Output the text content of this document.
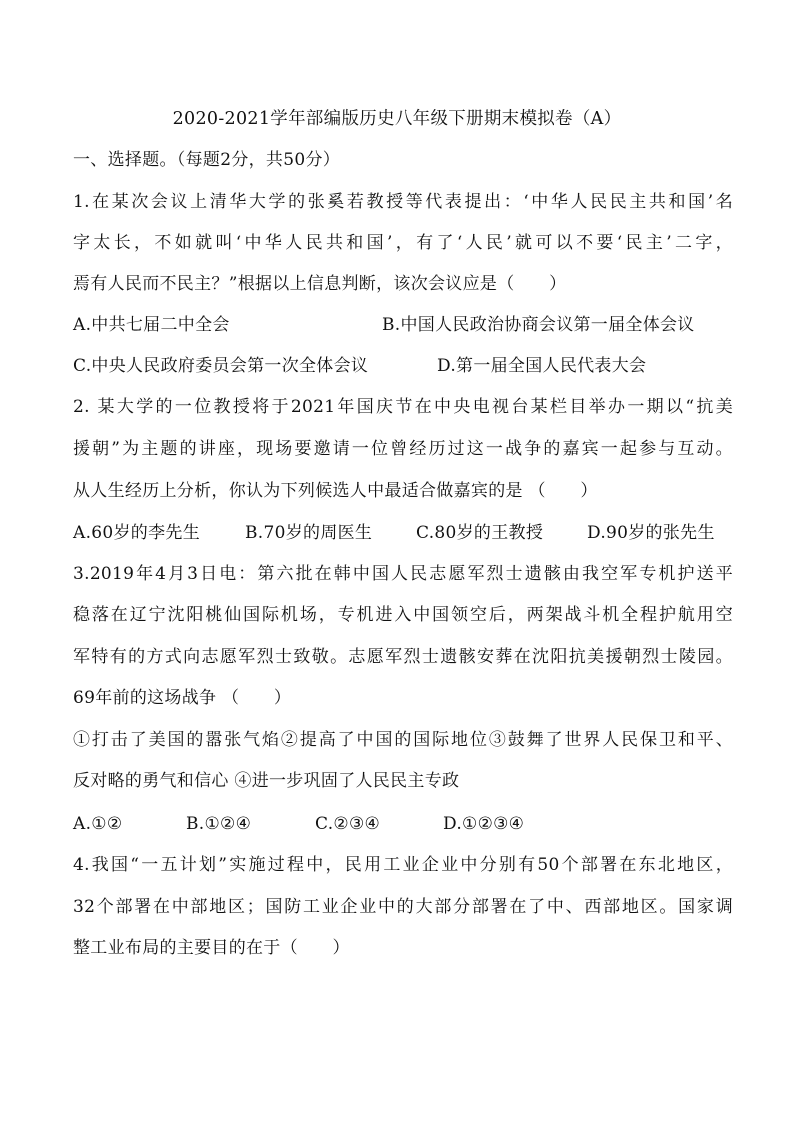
2020-2021学年部编版历史八年级下册期末模拟卷（A）
一、选择题。（每题2分，共50分）
1.在某次会议上清华大学的张奚若教授等代表提出：‘中华人民民主共和国’名
字太长，不如就叫‘中华人民共和国’，有了‘人民’就可以不要‘民主’二字，
焉有人民而不民主？”根据以上信息判断，该次会议应是（　　）
A.中共七届二中全会	B.中国人民政治协商会议第一届全体会议
C.中央人民政府委员会第一次全体会议	D.第一届全国人民代表大会
2. 某大学的一位教授将于2021年国庆节在中央电视台某栏目举办一期以“抗美
援朝”为主题的讲座，现场要邀请一位曾经历过这一战争的嘉宾一起参与互动。
从人生经历上分析，你认为下列候选人中最适合做嘉宾的是 （　　）
A.60岁的李先生	B.70岁的周医生	C.80岁的王教授	D.90岁的张先生
3.2019年4月3日电：第六批在韩中国人民志愿军烈士遗骸由我空军专机护送平
稳落在辽宁沈阳桃仙国际机场，专机进入中国领空后，两架战斗机全程护航用空
军特有的方式向志愿军烈士致敬。志愿军烈士遗骸安葬在沈阳抗美援朝烈士陵园。
69年前的这场战争 （　　）
①打击了美国的嚣张气焰②提高了中国的国际地位③鼓舞了世界人民保卫和平、
反对略的勇气和信心 ④进一步巩固了人民民主专政
A.①②	B.①②④	C.②③④	D.①②③④
4.我国“一五计划”实施过程中，民用工业企业中分别有50个部署在东北地区，
32个部署在中部地区；国防工业企业中的大部分部署在了中、西部地区。国家调
整工业布局的主要目的在于（　　）
